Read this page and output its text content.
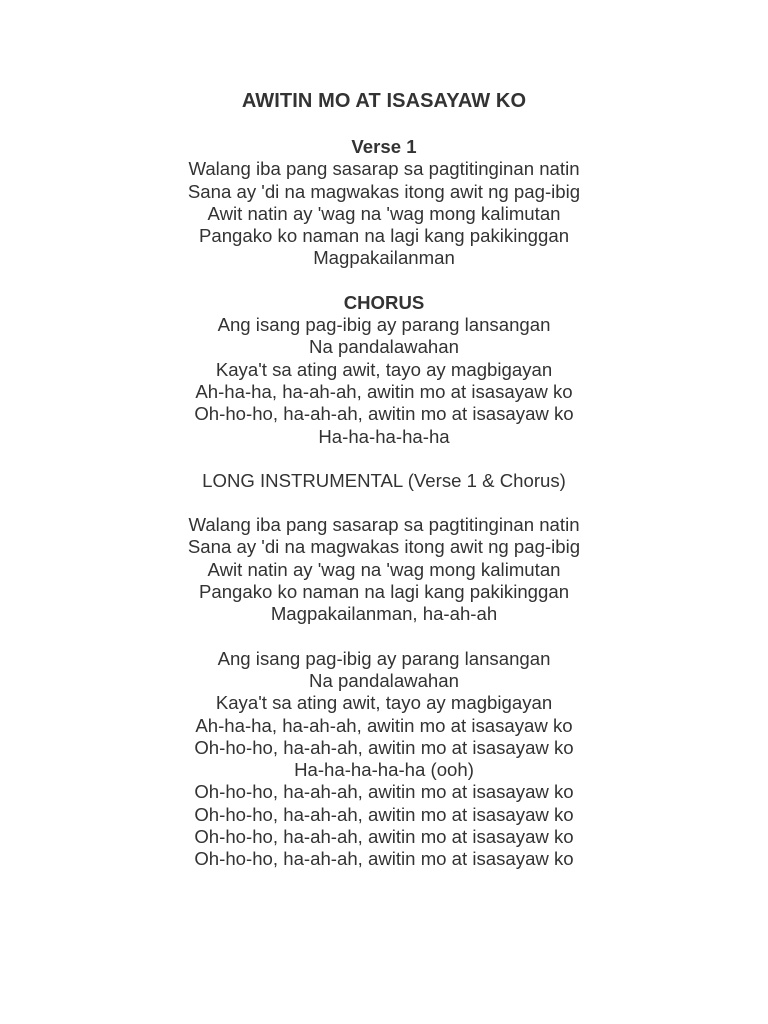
AWITIN MO AT ISASAYAW KO
Verse 1
Walang iba pang sasarap sa pagtitinginan natin
Sana ay 'di na magwakas itong awit ng pag-ibig
Awit natin ay 'wag na 'wag mong kalimutan
Pangako ko naman na lagi kang pakikinggan
Magpakailanman
CHORUS
Ang isang pag-ibig ay parang lansangan
Na pandalawahan
Kaya't sa ating awit, tayo ay magbigayan
Ah-ha-ha, ha-ah-ah, awitin mo at isasayaw ko
Oh-ho-ho, ha-ah-ah, awitin mo at isasayaw ko
Ha-ha-ha-ha-ha
LONG INSTRUMENTAL (Verse 1 & Chorus)
Walang iba pang sasarap sa pagtitinginan natin
Sana ay 'di na magwakas itong awit ng pag-ibig
Awit natin ay 'wag na 'wag mong kalimutan
Pangako ko naman na lagi kang pakikinggan
Magpakailanman, ha-ah-ah
Ang isang pag-ibig ay parang lansangan
Na pandalawahan
Kaya't sa ating awit, tayo ay magbigayan
Ah-ha-ha, ha-ah-ah, awitin mo at isasayaw ko
Oh-ho-ho, ha-ah-ah, awitin mo at isasayaw ko
Ha-ha-ha-ha-ha (ooh)
Oh-ho-ho, ha-ah-ah, awitin mo at isasayaw ko
Oh-ho-ho, ha-ah-ah, awitin mo at isasayaw ko
Oh-ho-ho, ha-ah-ah, awitin mo at isasayaw ko
Oh-ho-ho, ha-ah-ah, awitin mo at isasayaw ko
